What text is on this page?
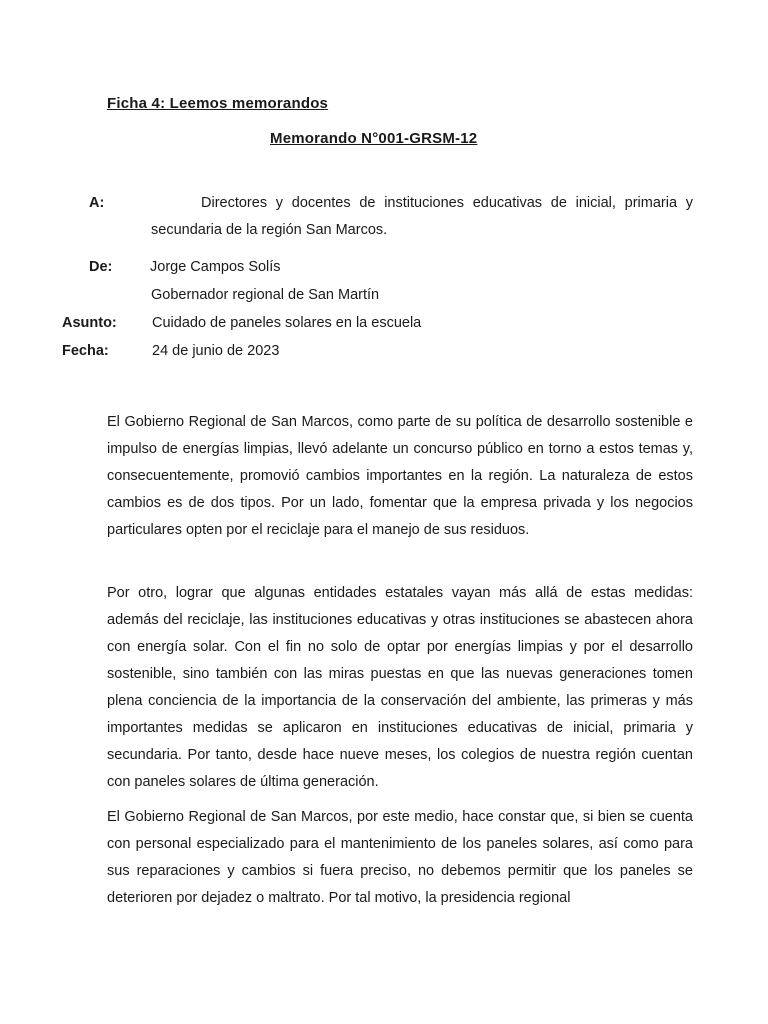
Ficha 4: Leemos memorandos
Memorando N°001-GRSM-12
A:	Directores y docentes de instituciones educativas de inicial, primaria y
secundaria de la región San Marcos.
De:	Jorge Campos Solís
Gobernador regional de San Martín
Asunto: Cuidado de paneles solares en la escuela
Fecha:	24 de junio de 2023

El Gobierno Regional de San Marcos, como parte de su política de desarrollo sostenible e impulso de energías limpias, llevó adelante un concurso público en torno a estos temas y, consecuentemente, promovió cambios importantes en la región. La naturaleza de estos cambios es de dos tipos. Por un lado, fomentar que la empresa privada y los negocios particulares opten por el reciclaje para el manejo de sus residuos.

Por otro, lograr que algunas entidades estatales vayan más allá de estas medidas: además del reciclaje, las instituciones educativas y otras instituciones se abastecen ahora con energía solar. Con el fin no solo de optar por energías limpias y por el desarrollo sostenible, sino también con las miras puestas en que las nuevas generaciones tomen plena conciencia de la importancia de la conservación del ambiente, las primeras y más importantes medidas se aplicaron en instituciones educativas de inicial, primaria y secundaria. Por tanto, desde hace nueve meses, los colegios de nuestra región cuentan con paneles solares de última generación.

El Gobierno Regional de San Marcos, por este medio, hace constar que, si bien se cuenta con personal especializado para el mantenimiento de los paneles solares, así como para sus reparaciones y cambios si fuera preciso, no debemos permitir que los paneles se deterioren por dejadez o maltrato. Por tal motivo, la presidencia regional
